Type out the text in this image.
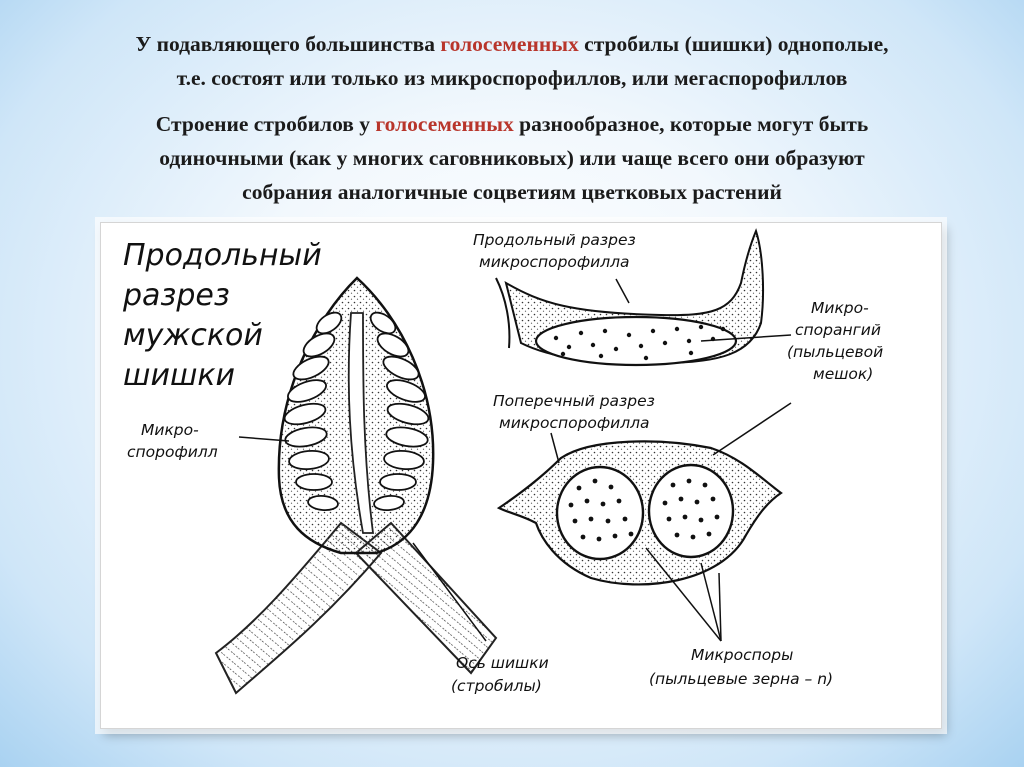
У подавляющего большинства голосеменных стробилы (шишки) однополые,
т.е. состоят или только из микроспорофиллов, или мегаспорофиллов
Строение стробилов у голосеменных разнообразное, которые могут быть
одиночными (как у многих саговниковых) или чаще всего они образуют
собрания аналогичные соцветиям цветковых растений
Продольный разрез мужской шишки
Микро- спорофилл
Продольный разрез микроспорофилла
Микро- спорангий (пыльцевой мешок)
Поперечный разрез микроспорофилла
Ось шишки (стробилы)
Микроспоры (пыльцевые зерна – n)
